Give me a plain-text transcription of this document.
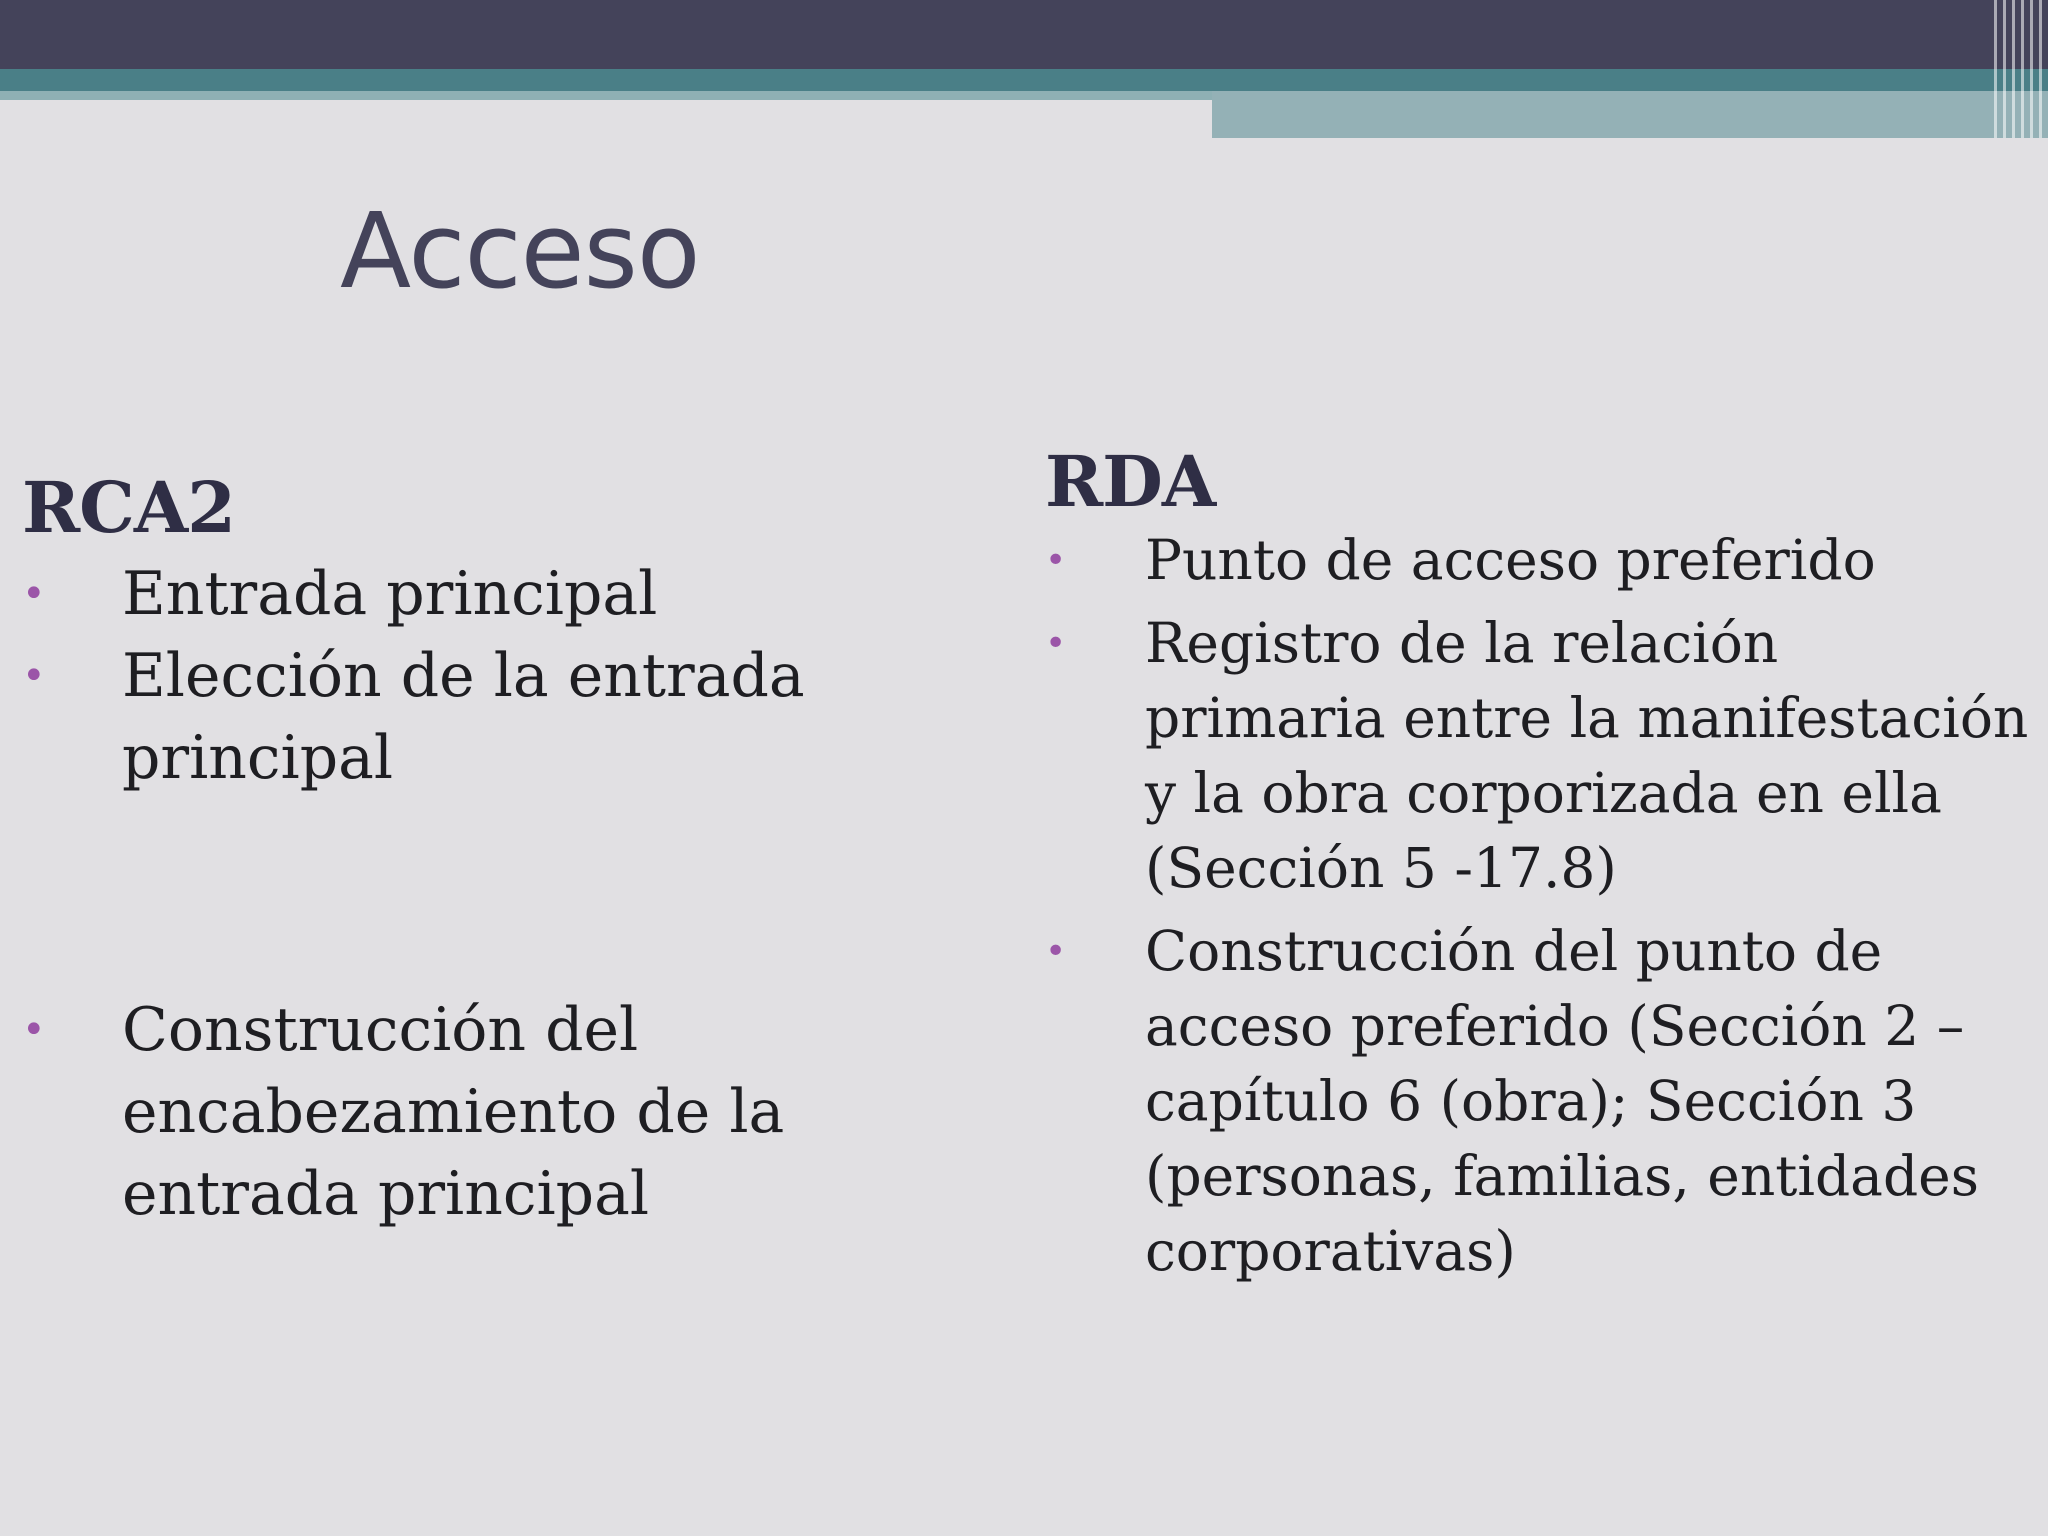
Acceso
RCA2
• Entrada principal
• Elección de la entrada principal
• Construcción del encabezamiento de la entrada principal
RDA
• Punto de acceso preferido
• Registro de la relación primaria entre la manifestación y la obra corporizada en ella (Sección 5 -17.8)
• Construcción del punto de acceso preferido (Sección 2 – capítulo 6 (obra); Sección 3 (personas, familias, entidades corporativas)
